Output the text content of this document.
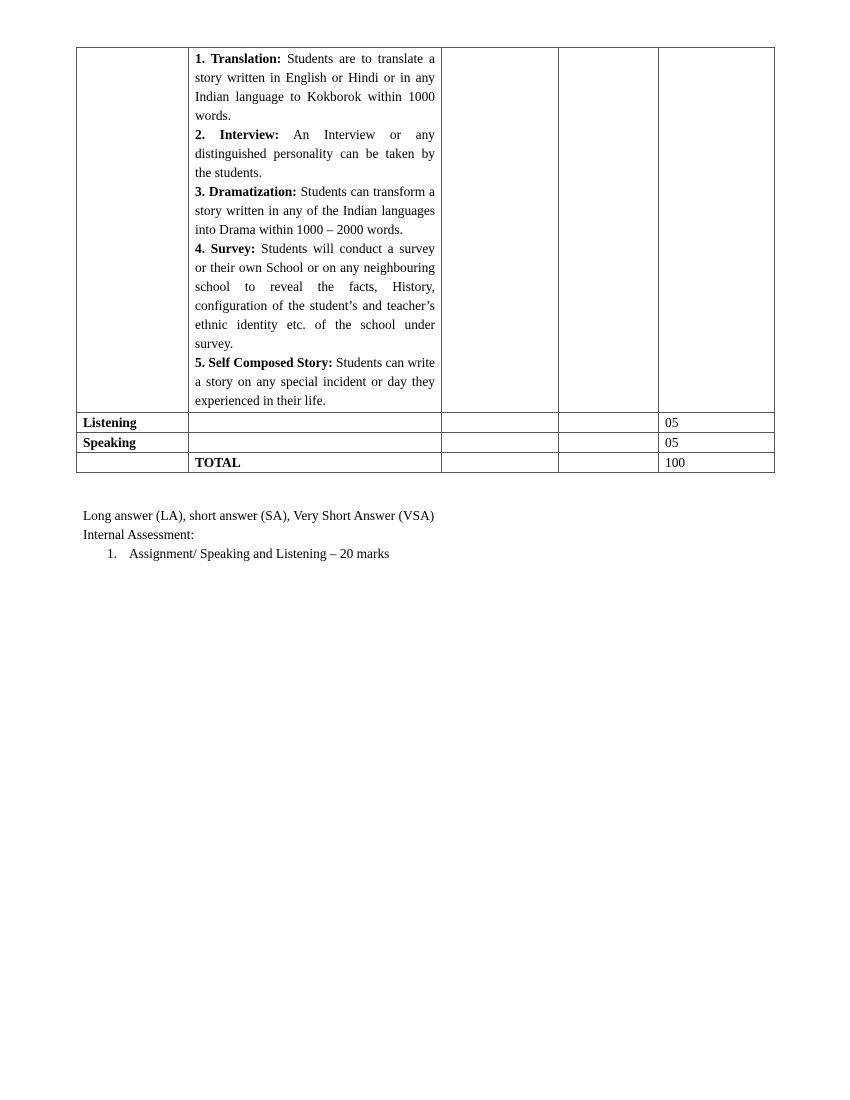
	1. Translation: Students are to translate a story written in English or Hindi or in any Indian language to Kokborok within 1000 words.

2. Interview: An Interview or any distinguished personality can be taken by the students.

3. Dramatization: Students can transform a story written in any of the Indian languages into Drama within 1000 – 2000 words.

4. Survey: Students will conduct a survey or their own School or on any neighbouring school to reveal the facts, History, configuration of the student’s and teacher’s ethnic identity etc. of the school under survey.

5. Self Composed Story: Students can write a story on any special incident or day they experienced in their life.			

Listening				05
Speaking				05
	TOTAL			100

Long answer (LA), short answer (SA), Very Short Answer (VSA)

Internal Assessment:

1. Assignment/ Speaking and Listening – 20 marks
